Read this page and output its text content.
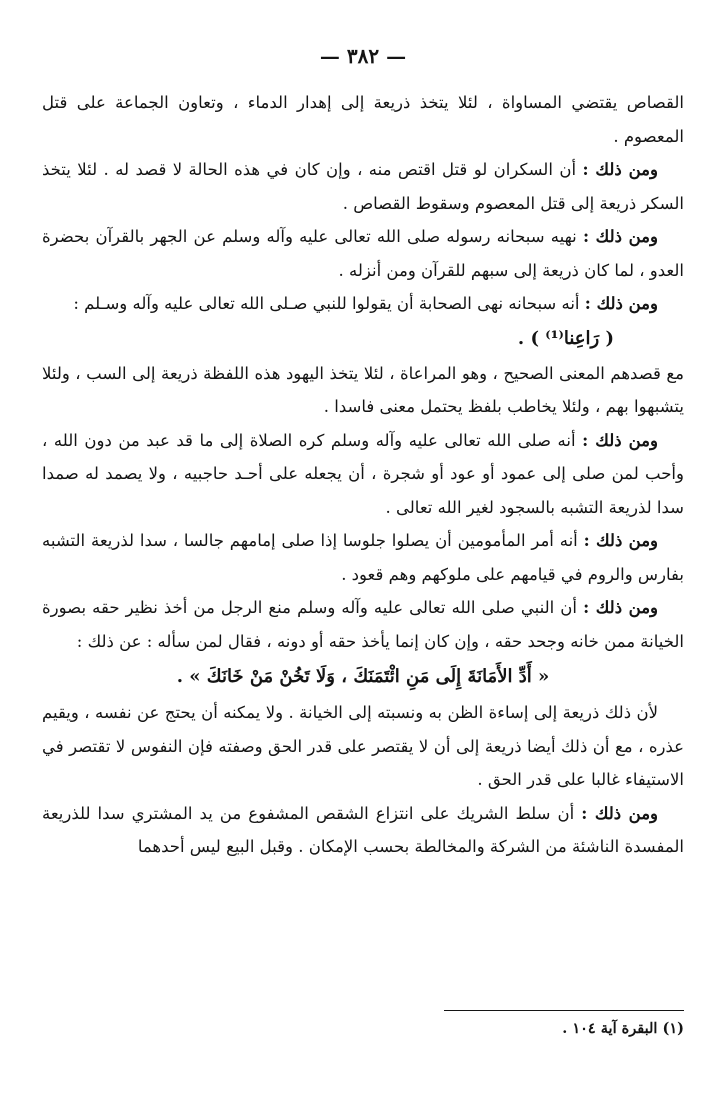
— ٣٨٢ —

القصاص يقتضي المساواة ، لئلا يتخذ ذريعة إلى إهدار الدماء ، وتعاون الجماعة على قتل المعصوم .

ومن ذلك : أن السكران لو قتل اقتص منه ، وإن كان في هذه الحالة لا قصد له . لئلا يتخذ السكر ذريعة إلى قتل المعصوم وسقوط القصاص .

ومن ذلك : نهيه سبحانه رسوله صلى الله تعالى عليه وآله وسلم عن الجهر بالقرآن بحضرة العدو ، لما كان ذريعة إلى سبهم للقرآن ومن أنزله .

ومن ذلك : أنه سبحانه نهى الصحابة أن يقولوا للنبي صـلى الله تعالى عليه وآله وسـلم :

( رَاعِنا⁽¹⁾ ) .

مع قصدهم المعنى الصحيح ، وهو المراعاة ، لئلا يتخذ اليهود هذه اللفظة ذريعة إلى السب ، ولئلا يتشبهوا بهم ، ولئلا يخاطب بلفظ يحتمل معنى فاسدا .

ومن ذلك : أنه صلى الله تعالى عليه وآله وسلم كره الصلاة إلى ما قد عبد من دون الله ، وأحب لمن صلى إلى عمود أو عود أو شجرة ، أن يجعله على أحـد حاجبيه ، ولا يصمد له صمدا سدا لذريعة التشبه بالسجود لغير الله تعالى .

ومن ذلك : أنه أمر المأمومين أن يصلوا جلوسا إذا صلى إمامهم جالسا ، سدا لذريعة التشبه بفارس والروم في قيامهم على ملوكهم وهم قعود .

ومن ذلك : أن النبي صلى الله تعالى عليه وآله وسلم منع الرجل من أخذ نظير حقه بصورة الخيانة ممن خانه وجحد حقه ، وإن كان إنما يأخذ حقه أو دونه ، فقال لمن سأله : عن ذلك :

« أَدِّ الأَمَانَةَ إِلَى مَنِ ائْتَمَنَكَ ، وَلَا تَخُنْ مَنْ خَانَكَ » .

لأن ذلك ذريعة إلى إساءة الظن به ونسبته إلى الخيانة . ولا يمكنه أن يحتج عن نفسه ، ويقيم عذره ، مع أن ذلك أيضا ذريعة إلى أن لا يقتصر على قدر الحق وصفته فإن النفوس لا تقتصر في الاستيفاء غالبا على قدر الحق .

ومن ذلك : أن سلط الشريك على انتزاع الشقص المشفوع من يد المشتري سدا للذريعة المفسدة الناشئة من الشركة والمخالطة بحسب الإمكان . وقبل البيع ليس أحدهما

(١) البقرة آية ١٠٤ .
